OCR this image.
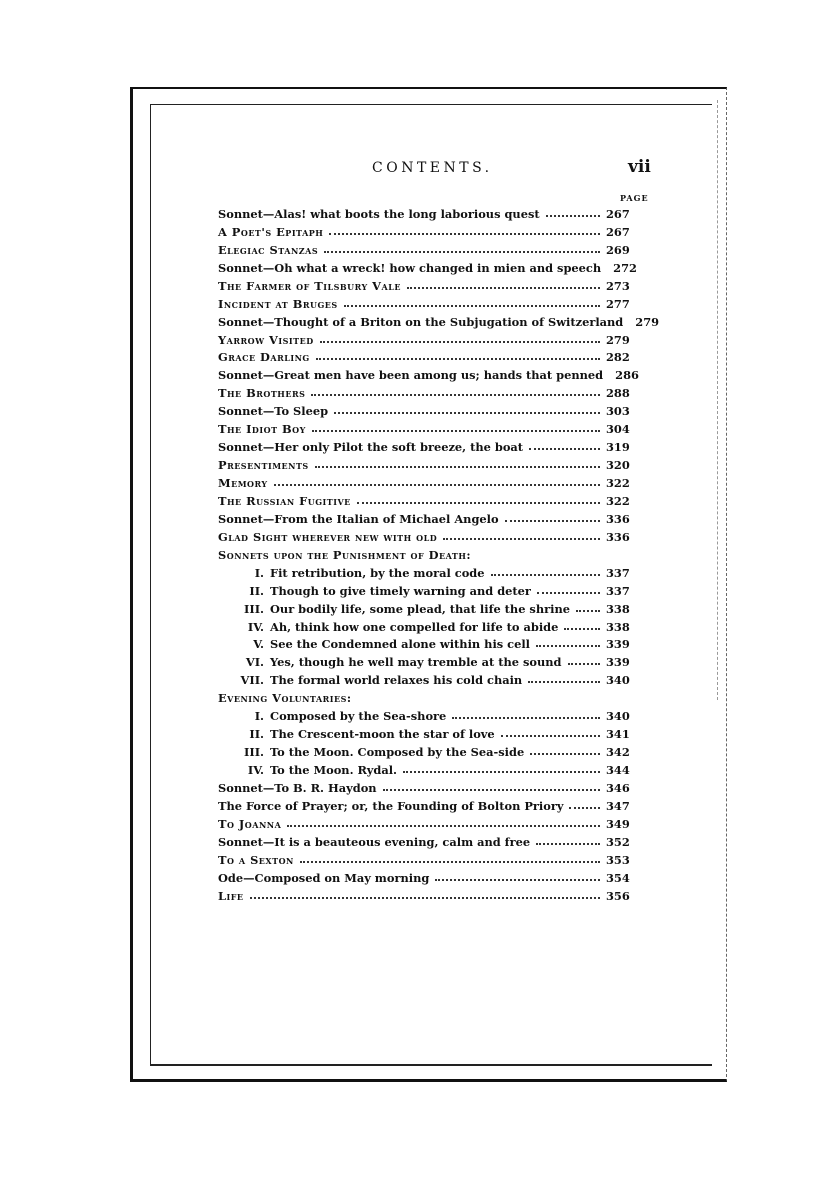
CONTENTS.	vii
PAGE
Sonnet—Alas! what boots the long laborious quest	267
A Poet's Epitaph	267
Elegiac Stanzas	269
Sonnet—Oh what a wreck! how changed in mien and speech 272
The Farmer of Tilsbury Vale	273
Incident at Bruges	277
Sonnet—Thought of a Briton on the Subjugation of Switzerland 279
Yarrow Visited	279
Grace Darling	282
Sonnet—Great men have been among us; hands that penned 286
The Brothers	288
Sonnet—To Sleep	303
The Idiot Boy	304
Sonnet—Her only Pilot the soft breeze, the boat	319
Presentiments	320
Memory	322
The Russian Fugitive	322
Sonnet—From the Italian of Michael Angelo	336
Glad Sight wherever new with old	336
Sonnets upon the Punishment of Death:
I. Fit retribution, by the moral code	337
II. Though to give timely warning and deter	337
III. Our bodily life, some plead, that life the shrine	338
IV. Ah, think how one compelled for life to abide	338
V. See the Condemned alone within his cell	339
VI. Yes, though he well may tremble at the sound	339
VII. The formal world relaxes his cold chain	340
Evening Voluntaries:
I. Composed by the Sea-shore	340
II. The Crescent-moon the star of love	341
III. To the Moon. Composed by the Sea-side	342
IV. To the Moon. Rydal.	344
Sonnet—To B. R. Haydon	346
The Force of Prayer; or, the Founding of Bolton Priory	347
To Joanna	349
Sonnet—It is a beauteous evening, calm and free	352
To a Sexton	353
Ode—Composed on May morning	354
Life	356
